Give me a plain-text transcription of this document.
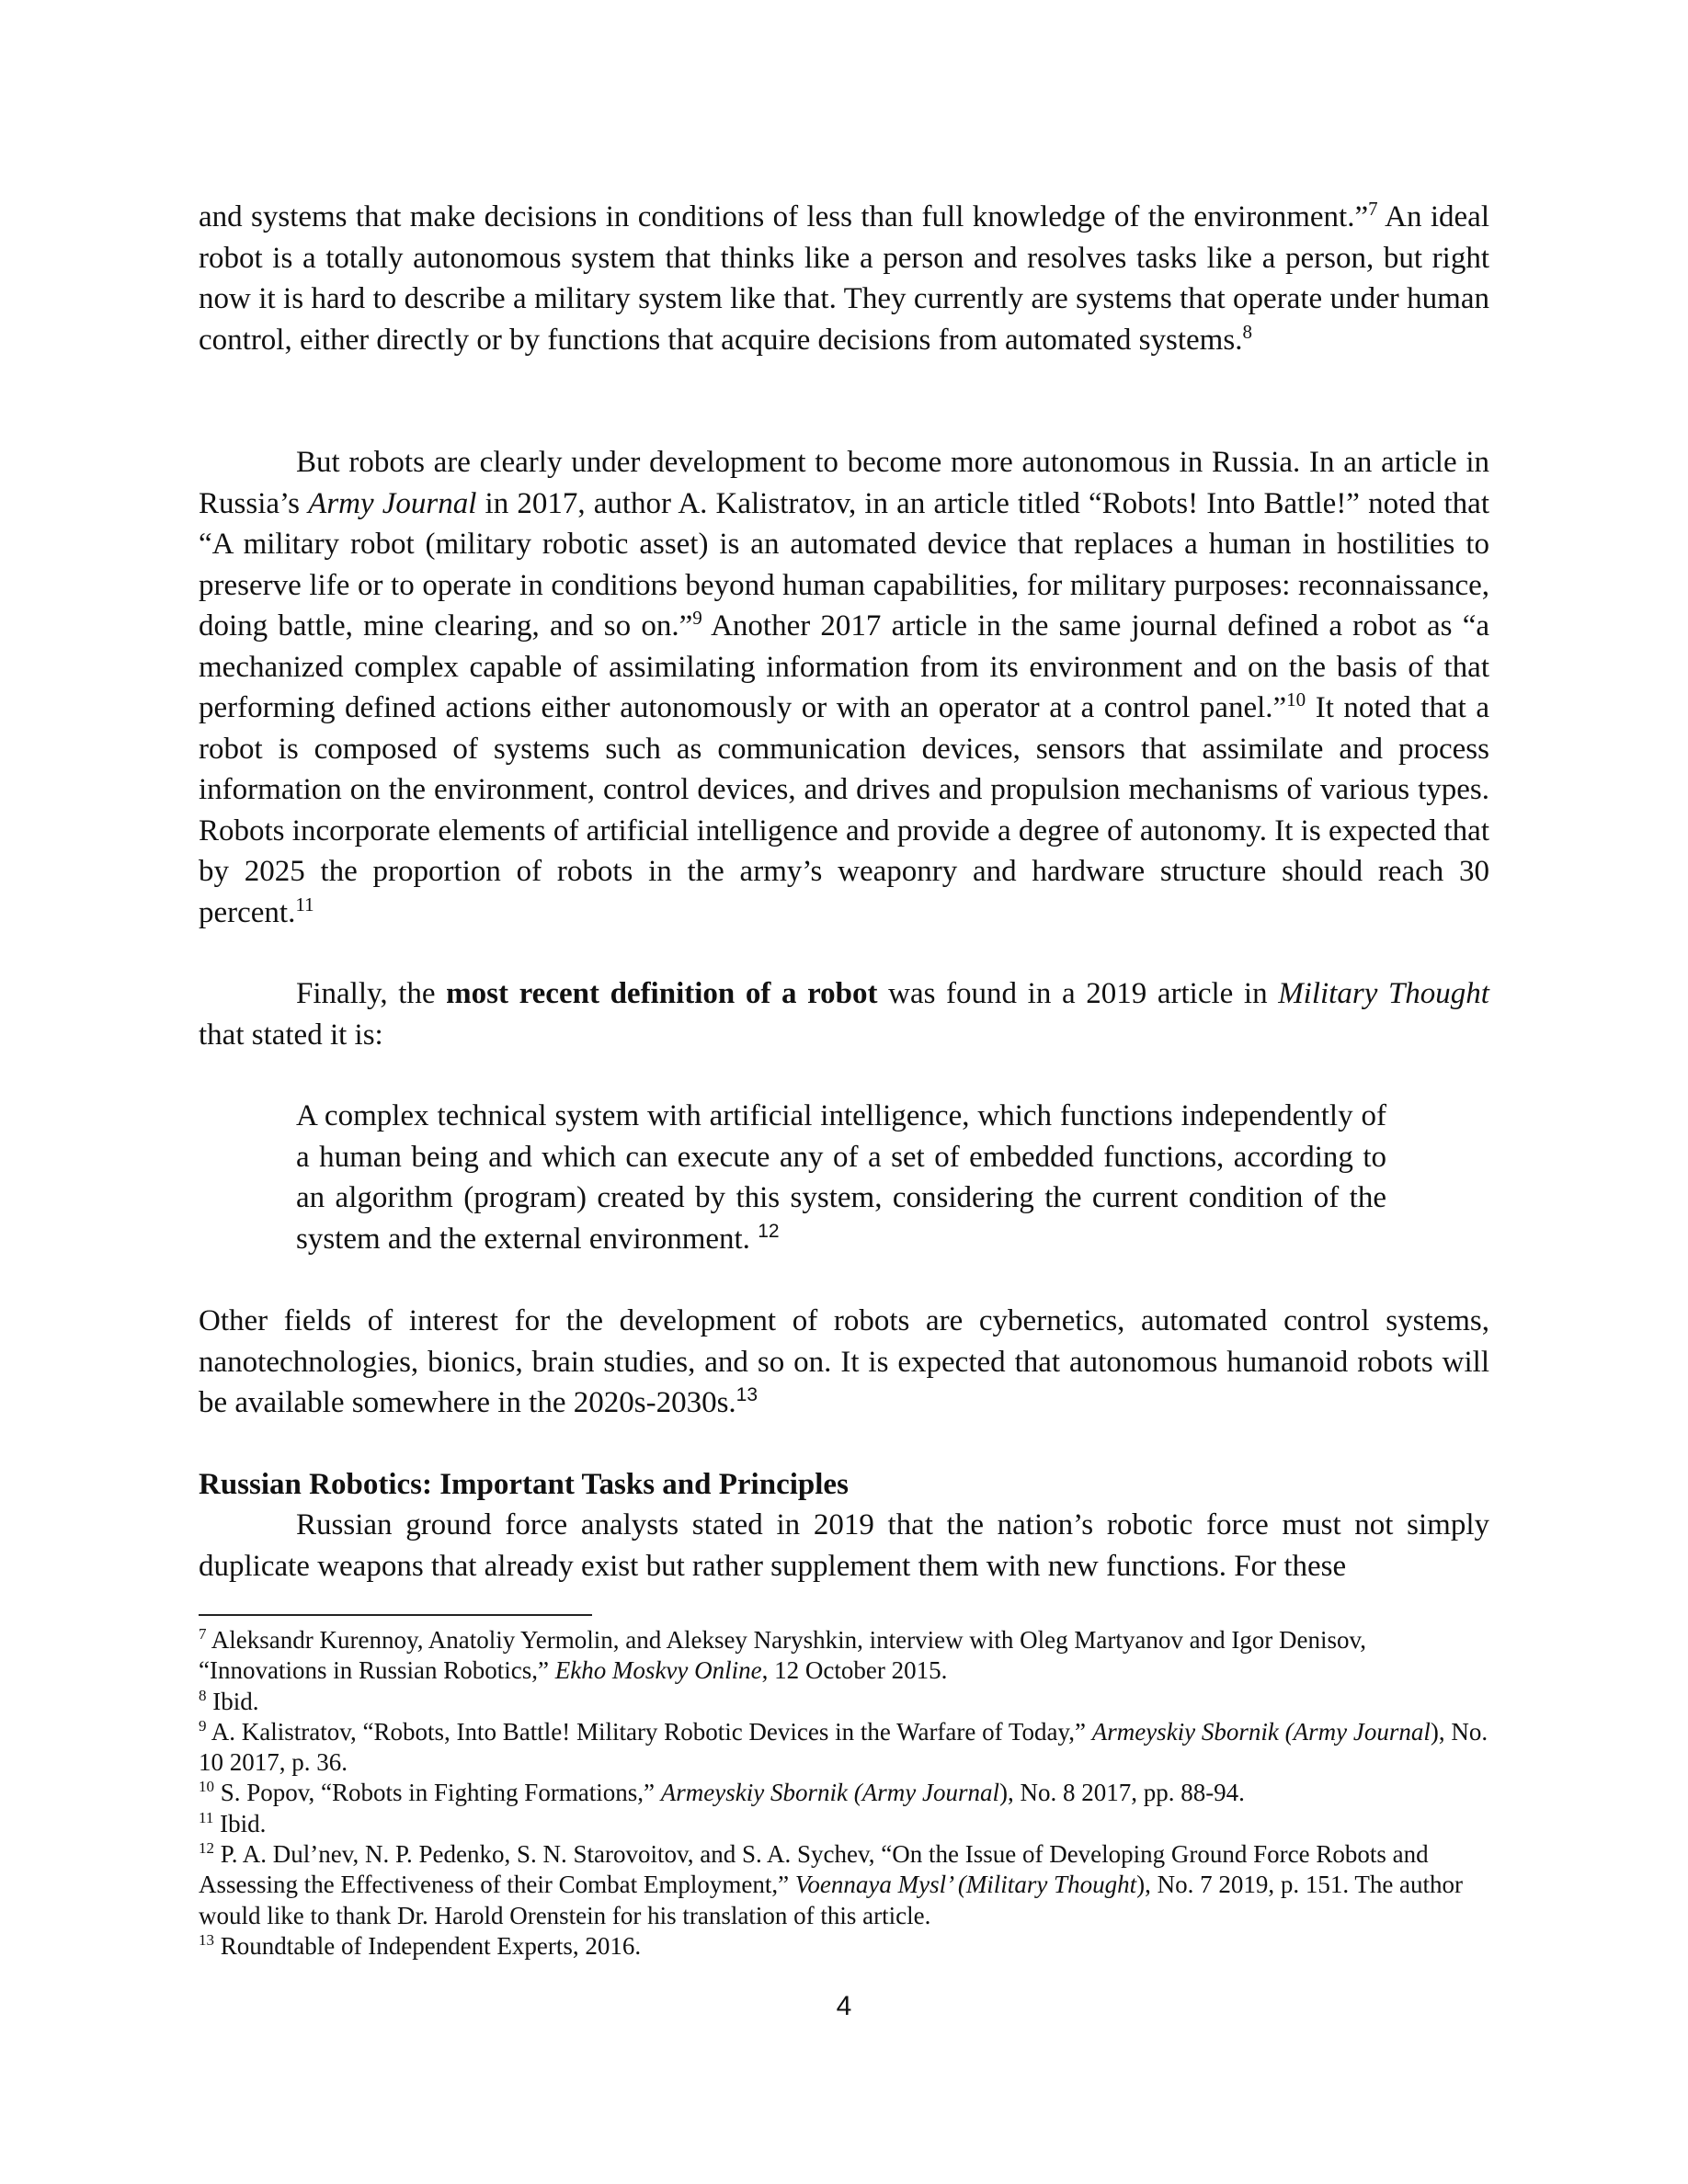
and systems that make decisions in conditions of less than full knowledge of the environment.”$^7$ An ideal robot is a totally autonomous system that thinks like a person and resolves tasks like a person, but right now it is hard to describe a military system like that. They currently are systems that operate under human control, either directly or by functions that acquire decisions from automated systems.$^8$

But robots are clearly under development to become more autonomous in Russia. In an article in Russia’s Army Journal in 2017, author A. Kalistratov, in an article titled “Robots! Into Battle!” noted that “A military robot (military robotic asset) is an automated device that replaces a human in hostilities to preserve life or to operate in conditions beyond human capabilities, for military purposes: reconnaissance, doing battle, mine clearing, and so on.”$^9$ Another 2017 article in the same journal defined a robot as “a mechanized complex capable of assimilating information from its environment and on the basis of that performing defined actions either autonomously or with an operator at a control panel.”$^{10}$ It noted that a robot is composed of systems such as communication devices, sensors that assimilate and process information on the environment, control devices, and drives and propulsion mechanisms of various types. Robots incorporate elements of artificial intelligence and provide a degree of autonomy. It is expected that by 2025 the proportion of robots in the army’s weaponry and hardware structure should reach 30 percent.$^{11}$

Finally, the most recent definition of a robot was found in a 2019 article in Military Thought that stated it is:

A complex technical system with artificial intelligence, which functions independently of a human being and which can execute any of a set of embedded functions, according to an algorithm (program) created by this system, considering the current condition of the system and the external environment. $^{12}$

Other fields of interest for the development of robots are cybernetics, automated control systems, nanotechnologies, bionics, brain studies, and so on. It is expected that autonomous humanoid robots will be available somewhere in the 2020s-2030s.$^{13}$

Russian Robotics: Important Tasks and Principles

Russian ground force analysts stated in 2019 that the nation’s robotic force must not simply duplicate weapons that already exist but rather supplement them with new functions. For these

$^7$ Aleksandr Kurennoy, Anatoliy Yermolin, and Aleksey Naryshkin, interview with Oleg Martyanov and Igor Denisov, “Innovations in Russian Robotics,” Ekho Moskvy Online, 12 October 2015.

$^8$ Ibid.

$^9$ A. Kalistratov, “Robots, Into Battle! Military Robotic Devices in the Warfare of Today,” Armeyskiy Sbornik (Army Journal), No. 10 2017, p. 36.

$^{10}$ S. Popov, “Robots in Fighting Formations,” Armeyskiy Sbornik (Army Journal), No. 8 2017, pp. 88-94.

$^{11}$ Ibid.

$^{12}$ P. A. Dul’nev, N. P. Pedenko, S. N. Starovoitov, and S. A. Sychev, “On the Issue of Developing Ground Force Robots and Assessing the Effectiveness of their Combat Employment,” Voennaya Mysl’ (Military Thought), No. 7 2019, p. 151. The author would like to thank Dr. Harold Orenstein for his translation of this article.

$^{13}$ Roundtable of Independent Experts, 2016.

4
